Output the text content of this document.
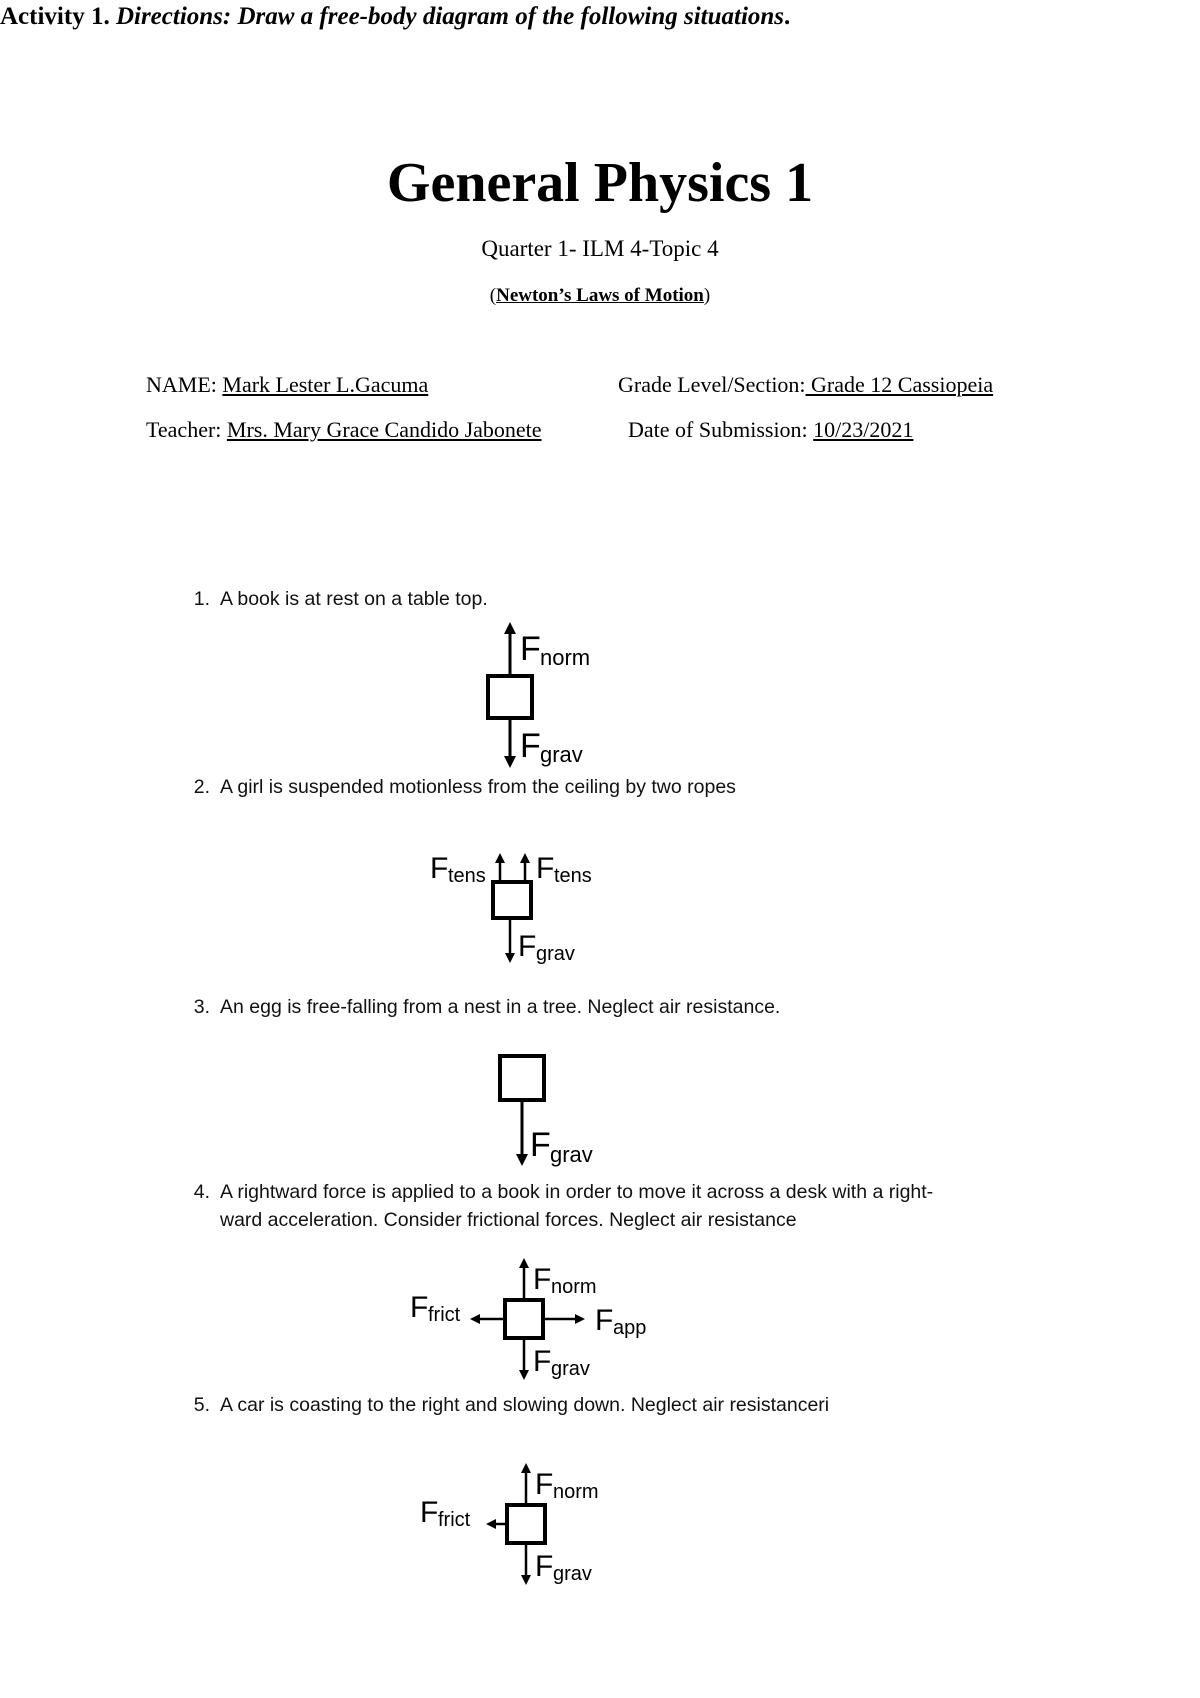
General Physics 1
Quarter 1- ILM 4-Topic 4
(Newton’s Laws of Motion)
NAME: Mark Lester L.Gacuma	Grade Level/Section: Grade 12 Cassiopeia
Teacher: Mrs. Mary Grace Candido Jabonete	Date of Submission: 10/23/2021
Activity 1. Directions: Draw a free-body diagram of the following situations.
1. A book is at rest on a table top.
F norm
F grav
2. A girl is suspended motionless from the ceiling by two ropes
F tens F tens
F grav
3. An egg is free-falling from a nest in a tree. Neglect air resistance.
F grav
4. A rightward force is applied to a book in order to move it across a desk with a right-
ward acceleration. Consider frictional forces. Neglect air resistance
F norm
F frict	F app
F grav
5. A car is coasting to the right and slowing down. Neglect air resistanceri
F norm
F frict
F grav
